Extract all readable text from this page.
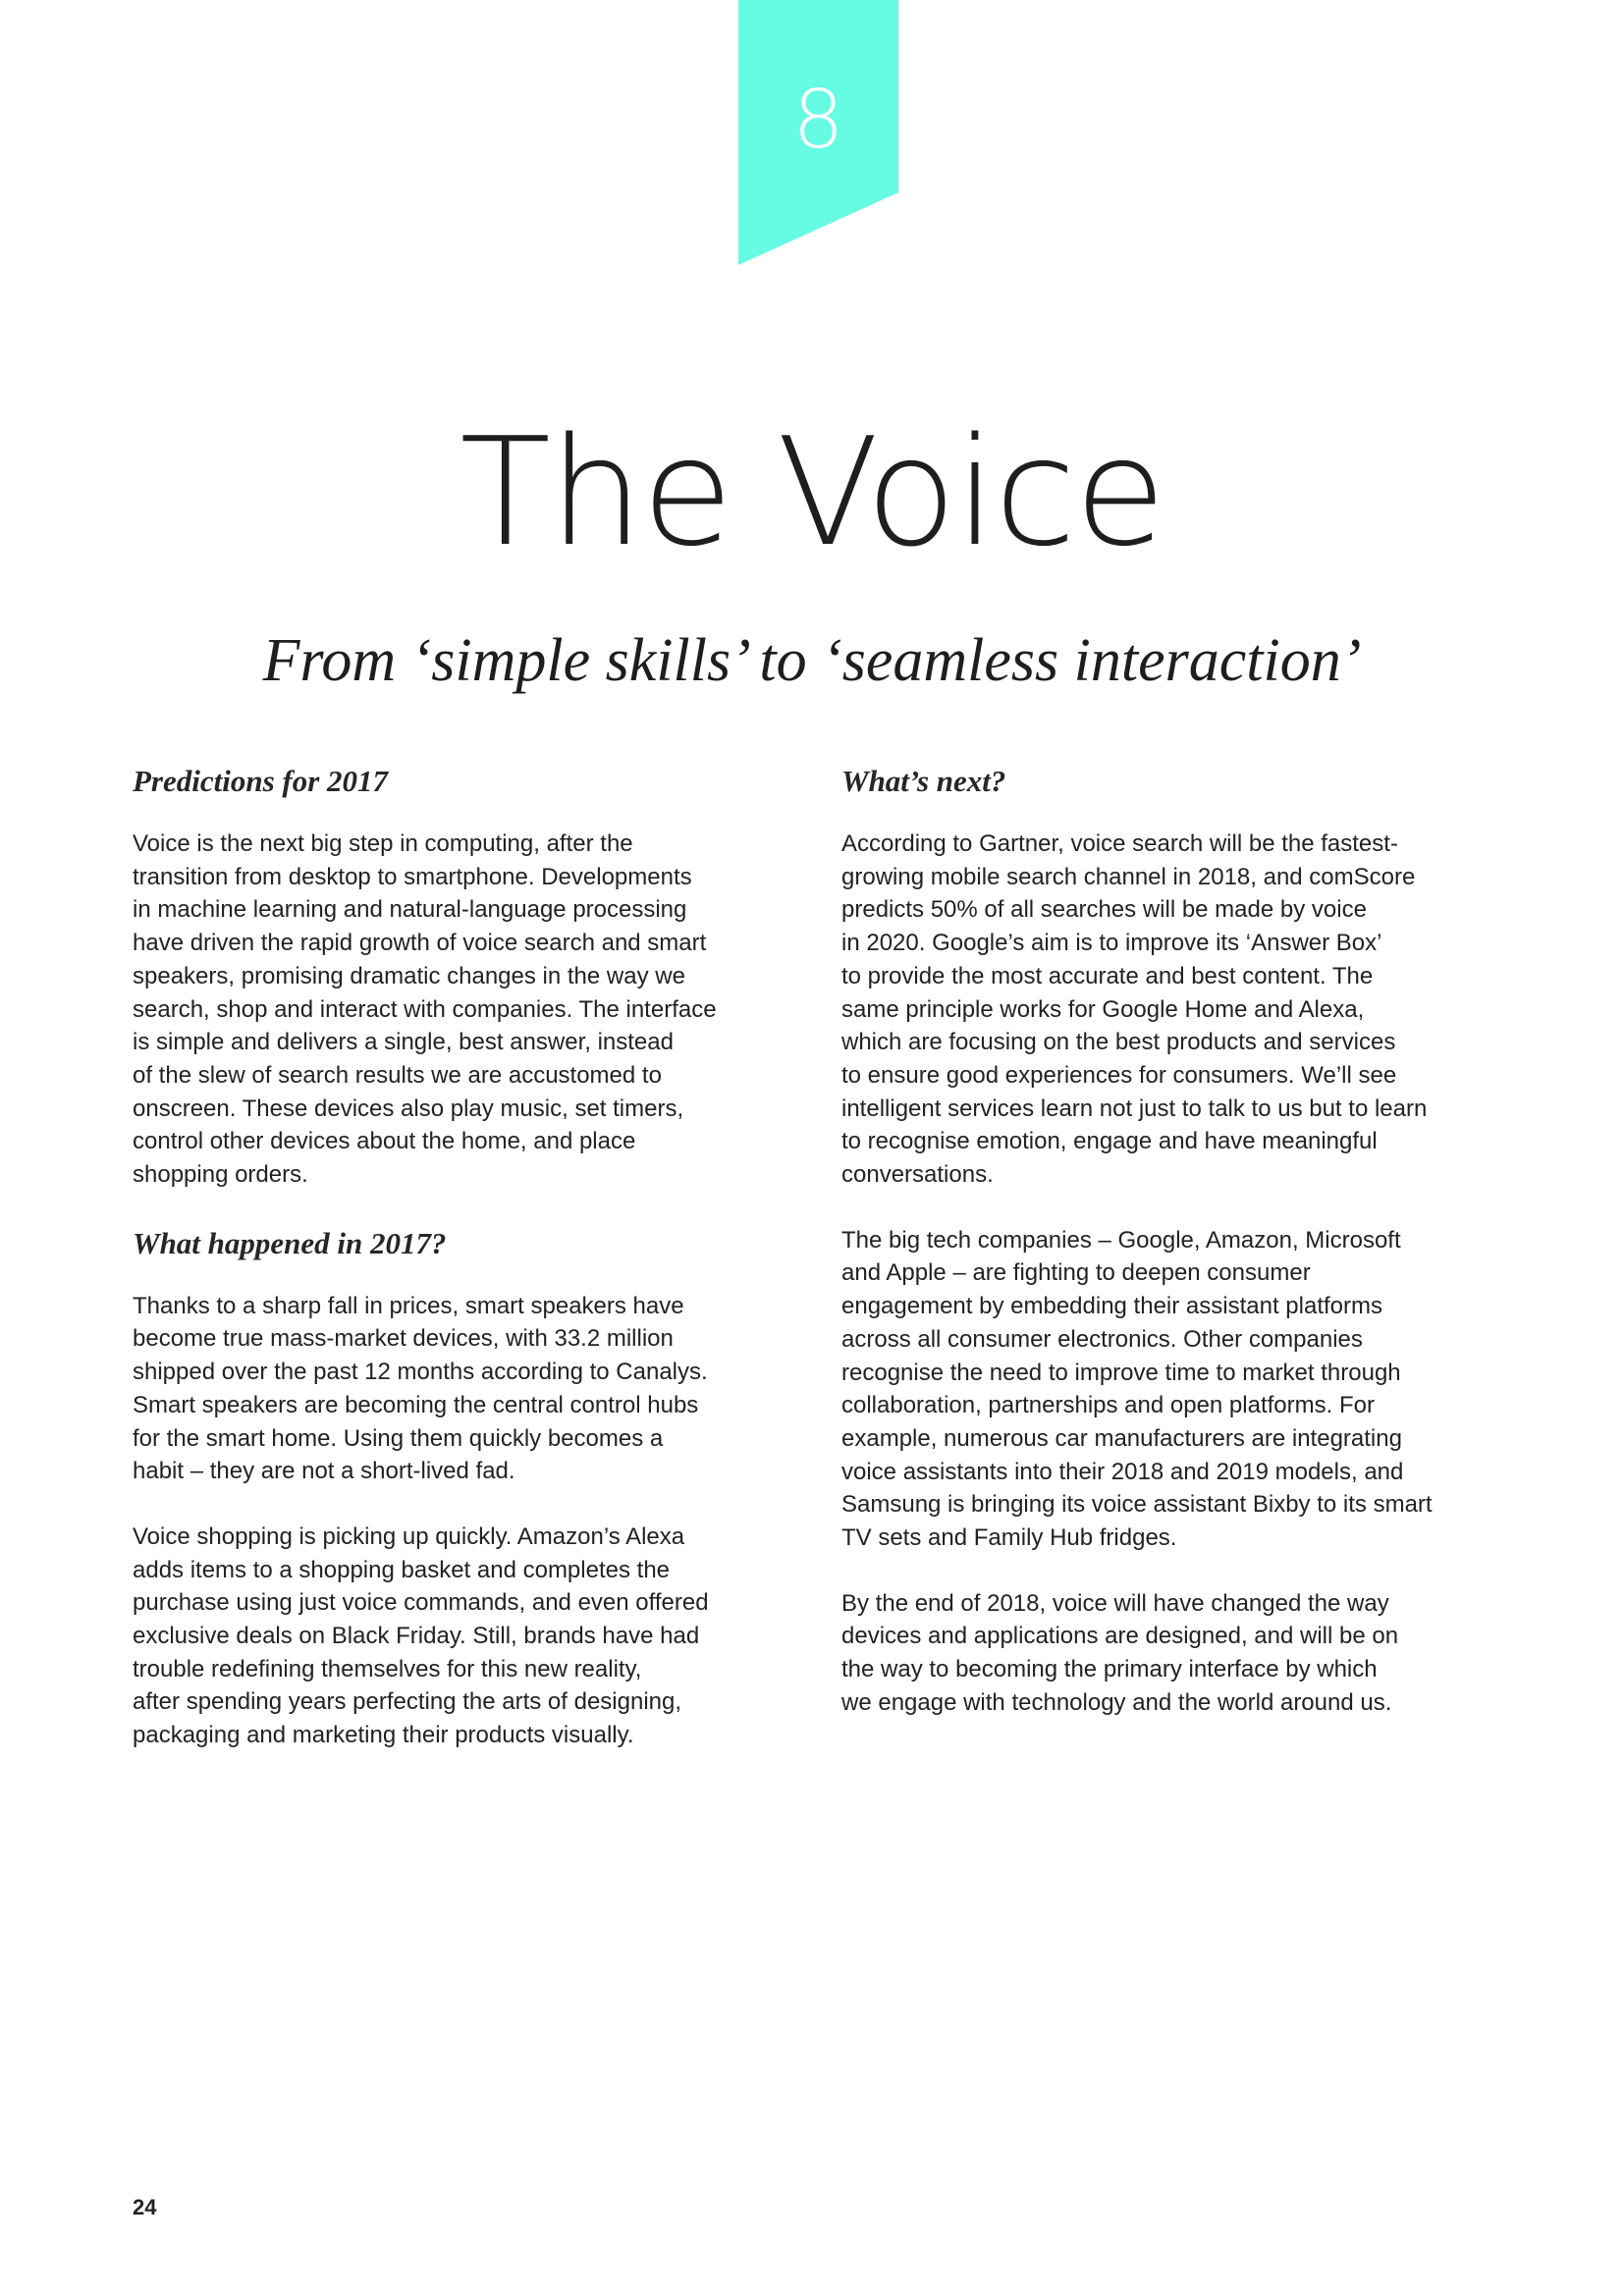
8
The Voice
From ‘simple skills’ to ‘seamless interaction’
Predictions for 2017

Voice is the next big step in computing, after the
transition from desktop to smartphone. Developments
in machine learning and natural-language processing
have driven the rapid growth of voice search and smart
speakers, promising dramatic changes in the way we
search, shop and interact with companies. The interface
is simple and delivers a single, best answer, instead
of the slew of search results we are accustomed to
onscreen. These devices also play music, set timers,
control other devices about the home, and place
shopping orders.

What happened in 2017?

Thanks to a sharp fall in prices, smart speakers have
become true mass-market devices, with 33.2 million
shipped over the past 12 months according to Canalys.
Smart speakers are becoming the central control hubs
for the smart home. Using them quickly becomes a
habit – they are not a short-lived fad.

Voice shopping is picking up quickly. Amazon’s Alexa
adds items to a shopping basket and completes the
purchase using just voice commands, and even offered
exclusive deals on Black Friday. Still, brands have had
trouble redefining themselves for this new reality,
after spending years perfecting the arts of designing,
packaging and marketing their products visually.

What’s next?

According to Gartner, voice search will be the fastest-
growing mobile search channel in 2018, and comScore
predicts 50% of all searches will be made by voice
in 2020. Google’s aim is to improve its ‘Answer Box’
to provide the most accurate and best content. The
same principle works for Google Home and Alexa,
which are focusing on the best products and services
to ensure good experiences for consumers. We’ll see
intelligent services learn not just to talk to us but to learn
to recognise emotion, engage and have meaningful
conversations.

The big tech companies – Google, Amazon, Microsoft
and Apple – are fighting to deepen consumer
engagement by embedding their assistant platforms
across all consumer electronics. Other companies
recognise the need to improve time to market through
collaboration, partnerships and open platforms. For
example, numerous car manufacturers are integrating
voice assistants into their 2018 and 2019 models, and
Samsung is bringing its voice assistant Bixby to its smart
TV sets and Family Hub fridges.

By the end of 2018, voice will have changed the way
devices and applications are designed, and will be on
the way to becoming the primary interface by which
we engage with technology and the world around us.

24
